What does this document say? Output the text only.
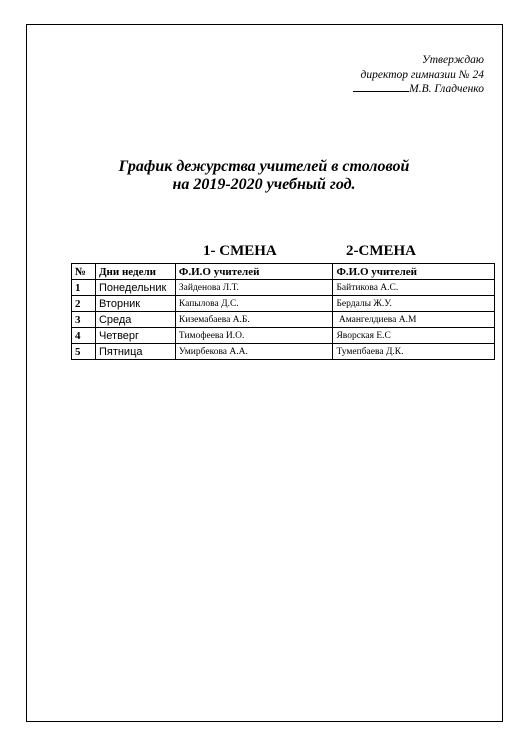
Утверждаю
директор гимназии № 24
М.В. Гладченко
График дежурства учителей в столовой
на 2019-2020 учебный год.
1- СМЕНА	2-СМЕНА
№	Дни недели	Ф.И.О учителей	Ф.И.О учителей
1	Понедельник	Зайденова Л.Т.	Байтикова А.С.
2	Вторник	Капылова Д.С.	Бердалы Ж.У.
3	Среда	Киземабаева А.Б.	Амангелдиева А.М
4	Четверг	Тимофеева И.О.	Яворская Е.С
5	Пятница	Умирбекова А.А.	Тумепбаева Д.К.
